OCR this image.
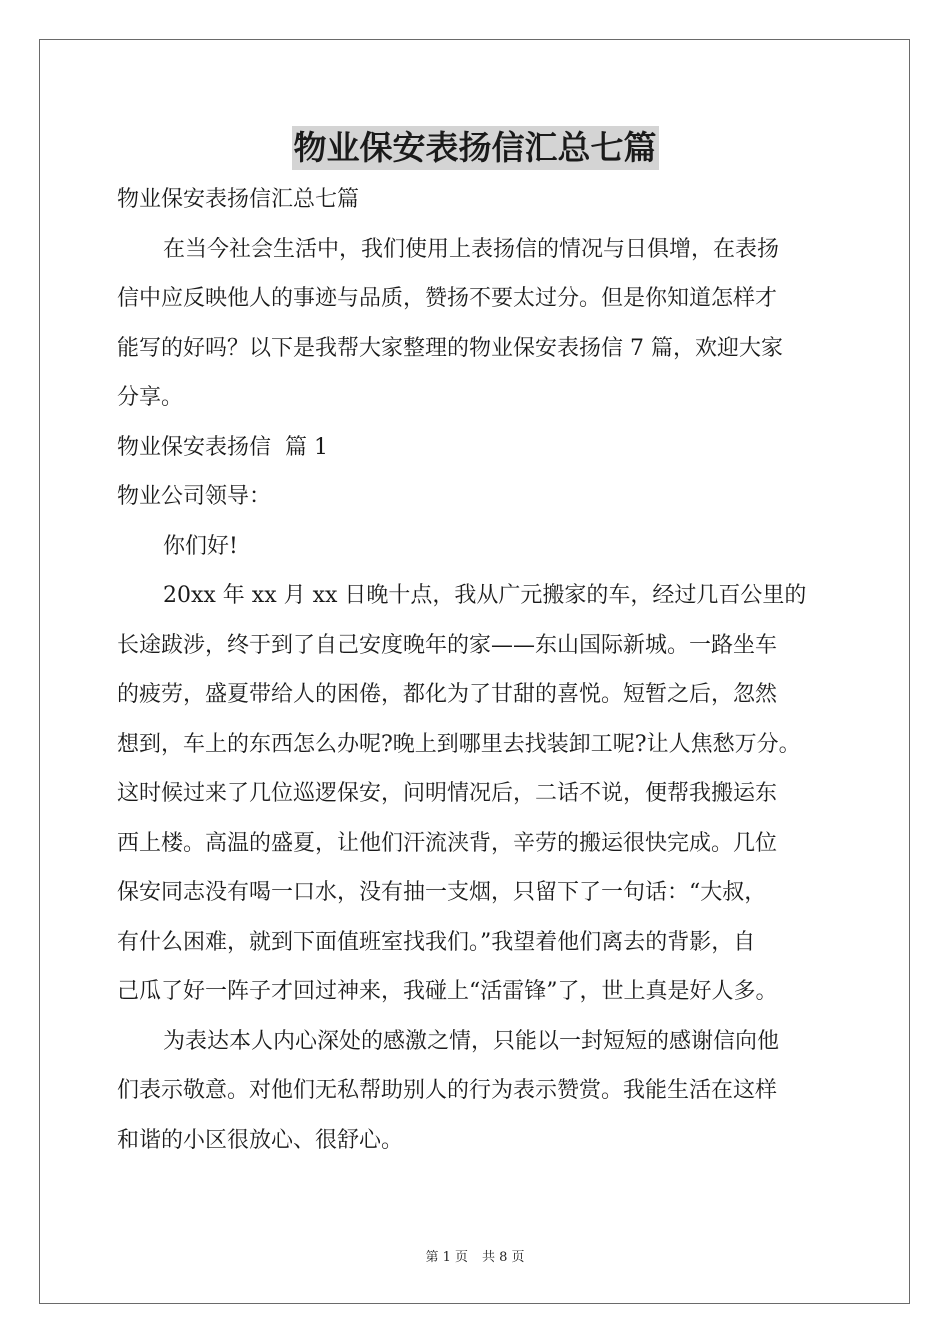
物业保安表扬信汇总七篇

物业保安表扬信汇总七篇

在当今社会生活中，我们使用上表扬信的情况与日俱增，在表扬

信中应反映他人的事迹与品质，赞扬不要太过分。但是你知道怎样才

能写的好吗？以下是我帮大家整理的物业保安表扬信 7 篇，欢迎大家

分享。

物业保安表扬信  篇 1

物业公司领导：

你们好!

20xx 年 xx 月 xx 日晚十点，我从广元搬家的车，经过几百公里的

长途跋涉，终于到了自己安度晚年的家——东山国际新城。一路坐车

的疲劳，盛夏带给人的困倦，都化为了甘甜的喜悦。短暂之后，忽然

想到，车上的东西怎么办呢?晚上到哪里去找装卸工呢?让人焦愁万分。

这时候过来了几位巡逻保安，问明情况后，二话不说，便帮我搬运东

西上楼。高温的盛夏，让他们汗流浃背，辛劳的搬运很快完成。几位

保安同志没有喝一口水，没有抽一支烟，只留下了一句话：“大叔，

有什么困难，就到下面值班室找我们。”我望着他们离去的背影，自

己瓜了好一阵子才回过神来，我碰上“活雷锋”了，世上真是好人多。

为表达本人内心深处的感激之情，只能以一封短短的感谢信向他

们表示敬意。对他们无私帮助别人的行为表示赞赏。我能生活在这样

和谐的小区很放心、很舒心。

第 1 页 共 8 页
